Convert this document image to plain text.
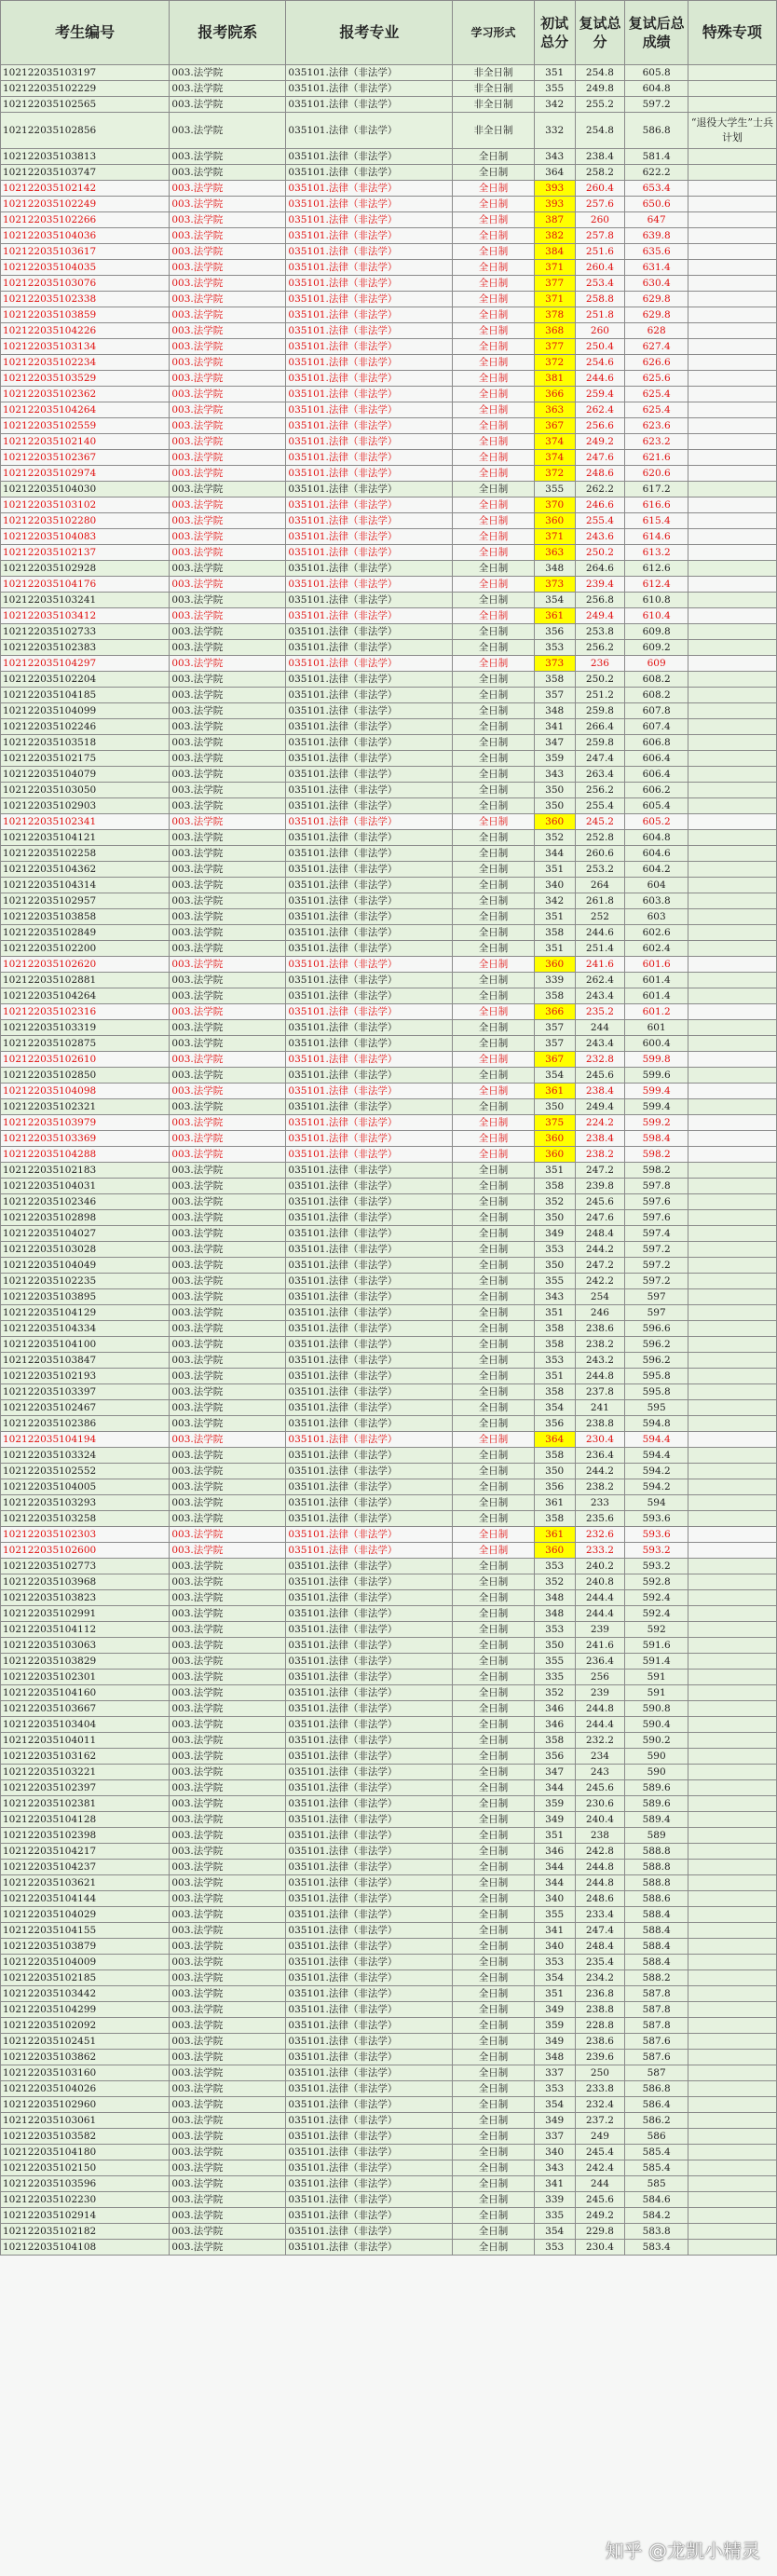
考生编号	报考院系	报考专业	学习形式	初试总分	复试总分	复试后总成绩	特殊专项
102122035103197	003.法学院	035101.法律（非法学）	非全日制	351	254.8	605.8	
102122035102229	003.法学院	035101.法律（非法学）	非全日制	355	249.8	604.8	
102122035102565	003.法学院	035101.法律（非法学）	非全日制	342	255.2	597.2	
102122035102856	003.法学院	035101.法律（非法学）	非全日制	332	254.8	586.8	“退役大学生”士兵计划
102122035103813	003.法学院	035101.法律（非法学）	全日制	343	238.4	581.4	
102122035103747	003.法学院	035101.法律（非法学）	全日制	364	258.2	622.2	
102122035102142	003.法学院	035101.法律（非法学）	全日制	393	260.4	653.4	
102122035102249	003.法学院	035101.法律（非法学）	全日制	393	257.6	650.6	
102122035102266	003.法学院	035101.法律（非法学）	全日制	387	260	647	
102122035104036	003.法学院	035101.法律（非法学）	全日制	382	257.8	639.8	
102122035103617	003.法学院	035101.法律（非法学）	全日制	384	251.6	635.6	
102122035104035	003.法学院	035101.法律（非法学）	全日制	371	260.4	631.4	
102122035103076	003.法学院	035101.法律（非法学）	全日制	377	253.4	630.4	
102122035102338	003.法学院	035101.法律（非法学）	全日制	371	258.8	629.8	
102122035103859	003.法学院	035101.法律（非法学）	全日制	378	251.8	629.8	
102122035104226	003.法学院	035101.法律（非法学）	全日制	368	260	628	
102122035103134	003.法学院	035101.法律（非法学）	全日制	377	250.4	627.4	
102122035102234	003.法学院	035101.法律（非法学）	全日制	372	254.6	626.6	
102122035103529	003.法学院	035101.法律（非法学）	全日制	381	244.6	625.6	
102122035102362	003.法学院	035101.法律（非法学）	全日制	366	259.4	625.4	
102122035104264	003.法学院	035101.法律（非法学）	全日制	363	262.4	625.4	
102122035102559	003.法学院	035101.法律（非法学）	全日制	367	256.6	623.6	
102122035102140	003.法学院	035101.法律（非法学）	全日制	374	249.2	623.2	
102122035102367	003.法学院	035101.法律（非法学）	全日制	374	247.6	621.6	
102122035102974	003.法学院	035101.法律（非法学）	全日制	372	248.6	620.6	
102122035104030	003.法学院	035101.法律（非法学）	全日制	355	262.2	617.2	
102122035103102	003.法学院	035101.法律（非法学）	全日制	370	246.6	616.6	
102122035102280	003.法学院	035101.法律（非法学）	全日制	360	255.4	615.4	
102122035104083	003.法学院	035101.法律（非法学）	全日制	371	243.6	614.6	
102122035102137	003.法学院	035101.法律（非法学）	全日制	363	250.2	613.2	
102122035102928	003.法学院	035101.法律（非法学）	全日制	348	264.6	612.6	
102122035104176	003.法学院	035101.法律（非法学）	全日制	373	239.4	612.4	
102122035103241	003.法学院	035101.法律（非法学）	全日制	354	256.8	610.8	
102122035103412	003.法学院	035101.法律（非法学）	全日制	361	249.4	610.4	
102122035102733	003.法学院	035101.法律（非法学）	全日制	356	253.8	609.8	
102122035102383	003.法学院	035101.法律（非法学）	全日制	353	256.2	609.2	
102122035104297	003.法学院	035101.法律（非法学）	全日制	373	236	609	
102122035102204	003.法学院	035101.法律（非法学）	全日制	358	250.2	608.2	
102122035104185	003.法学院	035101.法律（非法学）	全日制	357	251.2	608.2	
102122035104099	003.法学院	035101.法律（非法学）	全日制	348	259.8	607.8	
102122035102246	003.法学院	035101.法律（非法学）	全日制	341	266.4	607.4	
102122035103518	003.法学院	035101.法律（非法学）	全日制	347	259.8	606.8	
102122035102175	003.法学院	035101.法律（非法学）	全日制	359	247.4	606.4	
102122035104079	003.法学院	035101.法律（非法学）	全日制	343	263.4	606.4	
102122035103050	003.法学院	035101.法律（非法学）	全日制	350	256.2	606.2	
102122035102903	003.法学院	035101.法律（非法学）	全日制	350	255.4	605.4	
102122035102341	003.法学院	035101.法律（非法学）	全日制	360	245.2	605.2	
102122035104121	003.法学院	035101.法律（非法学）	全日制	352	252.8	604.8	
102122035102258	003.法学院	035101.法律（非法学）	全日制	344	260.6	604.6	
102122035104362	003.法学院	035101.法律（非法学）	全日制	351	253.2	604.2	
102122035104314	003.法学院	035101.法律（非法学）	全日制	340	264	604	
102122035102957	003.法学院	035101.法律（非法学）	全日制	342	261.8	603.8	
102122035103858	003.法学院	035101.法律（非法学）	全日制	351	252	603	
102122035102849	003.法学院	035101.法律（非法学）	全日制	358	244.6	602.6	
102122035102200	003.法学院	035101.法律（非法学）	全日制	351	251.4	602.4	
102122035102620	003.法学院	035101.法律（非法学）	全日制	360	241.6	601.6	
102122035102881	003.法学院	035101.法律（非法学）	全日制	339	262.4	601.4	
102122035104264	003.法学院	035101.法律（非法学）	全日制	358	243.4	601.4	
102122035102316	003.法学院	035101.法律（非法学）	全日制	366	235.2	601.2	
102122035103319	003.法学院	035101.法律（非法学）	全日制	357	244	601	
102122035102875	003.法学院	035101.法律（非法学）	全日制	357	243.4	600.4	
102122035102610	003.法学院	035101.法律（非法学）	全日制	367	232.8	599.8	
102122035102850	003.法学院	035101.法律（非法学）	全日制	354	245.6	599.6	
102122035104098	003.法学院	035101.法律（非法学）	全日制	361	238.4	599.4	
102122035102321	003.法学院	035101.法律（非法学）	全日制	350	249.4	599.4	
102122035103979	003.法学院	035101.法律（非法学）	全日制	375	224.2	599.2	
102122035103369	003.法学院	035101.法律（非法学）	全日制	360	238.4	598.4	
102122035104288	003.法学院	035101.法律（非法学）	全日制	360	238.2	598.2	
102122035102183	003.法学院	035101.法律（非法学）	全日制	351	247.2	598.2	
102122035104031	003.法学院	035101.法律（非法学）	全日制	358	239.8	597.8	
102122035102346	003.法学院	035101.法律（非法学）	全日制	352	245.6	597.6	
102122035102898	003.法学院	035101.法律（非法学）	全日制	350	247.6	597.6	
102122035104027	003.法学院	035101.法律（非法学）	全日制	349	248.4	597.4	
102122035103028	003.法学院	035101.法律（非法学）	全日制	353	244.2	597.2	
102122035104049	003.法学院	035101.法律（非法学）	全日制	350	247.2	597.2	
102122035102235	003.法学院	035101.法律（非法学）	全日制	355	242.2	597.2	
102122035103895	003.法学院	035101.法律（非法学）	全日制	343	254	597	
102122035104129	003.法学院	035101.法律（非法学）	全日制	351	246	597	
102122035104334	003.法学院	035101.法律（非法学）	全日制	358	238.6	596.6	
102122035104100	003.法学院	035101.法律（非法学）	全日制	358	238.2	596.2	
102122035103847	003.法学院	035101.法律（非法学）	全日制	353	243.2	596.2	
102122035102193	003.法学院	035101.法律（非法学）	全日制	351	244.8	595.8	
102122035103397	003.法学院	035101.法律（非法学）	全日制	358	237.8	595.8	
102122035102467	003.法学院	035101.法律（非法学）	全日制	354	241	595	
102122035102386	003.法学院	035101.法律（非法学）	全日制	356	238.8	594.8	
102122035104194	003.法学院	035101.法律（非法学）	全日制	364	230.4	594.4	
102122035103324	003.法学院	035101.法律（非法学）	全日制	358	236.4	594.4	
102122035102552	003.法学院	035101.法律（非法学）	全日制	350	244.2	594.2	
102122035104005	003.法学院	035101.法律（非法学）	全日制	356	238.2	594.2	
102122035103293	003.法学院	035101.法律（非法学）	全日制	361	233	594	
102122035103258	003.法学院	035101.法律（非法学）	全日制	358	235.6	593.6	
102122035102303	003.法学院	035101.法律（非法学）	全日制	361	232.6	593.6	
102122035102600	003.法学院	035101.法律（非法学）	全日制	360	233.2	593.2	
102122035102773	003.法学院	035101.法律（非法学）	全日制	353	240.2	593.2	
102122035103968	003.法学院	035101.法律（非法学）	全日制	352	240.8	592.8	
102122035103823	003.法学院	035101.法律（非法学）	全日制	348	244.4	592.4	
102122035102991	003.法学院	035101.法律（非法学）	全日制	348	244.4	592.4	
102122035104112	003.法学院	035101.法律（非法学）	全日制	353	239	592	
102122035103063	003.法学院	035101.法律（非法学）	全日制	350	241.6	591.6	
102122035103829	003.法学院	035101.法律（非法学）	全日制	355	236.4	591.4	
102122035102301	003.法学院	035101.法律（非法学）	全日制	335	256	591	
102122035104160	003.法学院	035101.法律（非法学）	全日制	352	239	591	
102122035103667	003.法学院	035101.法律（非法学）	全日制	346	244.8	590.8	
102122035103404	003.法学院	035101.法律（非法学）	全日制	346	244.4	590.4	
102122035104011	003.法学院	035101.法律（非法学）	全日制	358	232.2	590.2	
102122035103162	003.法学院	035101.法律（非法学）	全日制	356	234	590	
102122035103221	003.法学院	035101.法律（非法学）	全日制	347	243	590	
102122035102397	003.法学院	035101.法律（非法学）	全日制	344	245.6	589.6	
102122035102381	003.法学院	035101.法律（非法学）	全日制	359	230.6	589.6	
102122035104128	003.法学院	035101.法律（非法学）	全日制	349	240.4	589.4	
102122035102398	003.法学院	035101.法律（非法学）	全日制	351	238	589	
102122035104217	003.法学院	035101.法律（非法学）	全日制	346	242.8	588.8	
102122035104237	003.法学院	035101.法律（非法学）	全日制	344	244.8	588.8	
102122035103621	003.法学院	035101.法律（非法学）	全日制	344	244.8	588.8	
102122035104144	003.法学院	035101.法律（非法学）	全日制	340	248.6	588.6	
102122035104029	003.法学院	035101.法律（非法学）	全日制	355	233.4	588.4	
102122035104155	003.法学院	035101.法律（非法学）	全日制	341	247.4	588.4	
102122035103879	003.法学院	035101.法律（非法学）	全日制	340	248.4	588.4	
102122035104009	003.法学院	035101.法律（非法学）	全日制	353	235.4	588.4	
102122035102185	003.法学院	035101.法律（非法学）	全日制	354	234.2	588.2	
102122035103442	003.法学院	035101.法律（非法学）	全日制	351	236.8	587.8	
102122035104299	003.法学院	035101.法律（非法学）	全日制	349	238.8	587.8	
102122035102092	003.法学院	035101.法律（非法学）	全日制	359	228.8	587.8	
102122035102451	003.法学院	035101.法律（非法学）	全日制	349	238.6	587.6	
102122035103862	003.法学院	035101.法律（非法学）	全日制	348	239.6	587.6	
102122035103160	003.法学院	035101.法律（非法学）	全日制	337	250	587	
102122035104026	003.法学院	035101.法律（非法学）	全日制	353	233.8	586.8	
102122035102960	003.法学院	035101.法律（非法学）	全日制	354	232.4	586.4	
102122035103061	003.法学院	035101.法律（非法学）	全日制	349	237.2	586.2	
102122035103582	003.法学院	035101.法律（非法学）	全日制	337	249	586	
102122035104180	003.法学院	035101.法律（非法学）	全日制	340	245.4	585.4	
102122035102150	003.法学院	035101.法律（非法学）	全日制	343	242.4	585.4	
102122035103596	003.法学院	035101.法律（非法学）	全日制	341	244	585	
102122035102230	003.法学院	035101.法律（非法学）	全日制	339	245.6	584.6	
102122035102914	003.法学院	035101.法律（非法学）	全日制	335	249.2	584.2	
102122035102182	003.法学院	035101.法律（非法学）	全日制	354	229.8	583.8	
102122035104108	003.法学院	035101.法律（非法学）	全日制	353	230.4	583.4	
知乎 @龙凯小精灵
